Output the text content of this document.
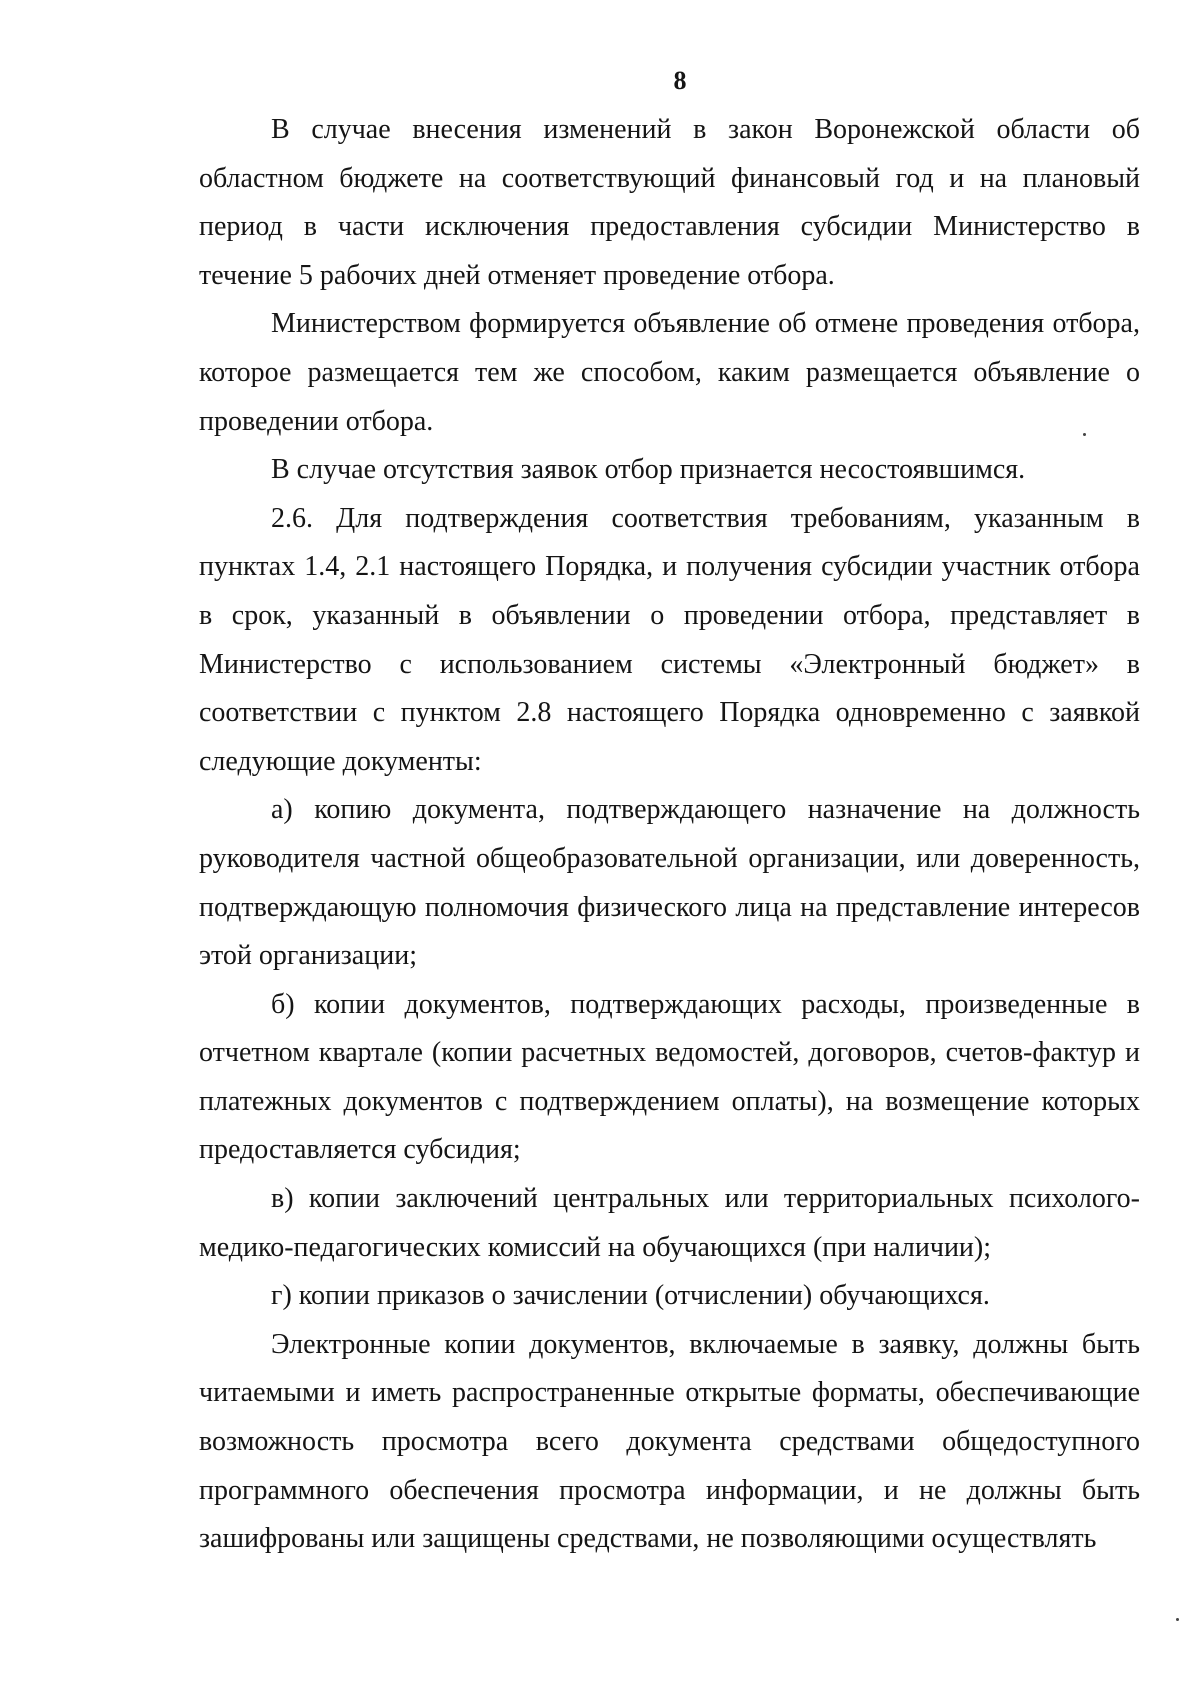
8

В случае внесения изменений в закон Воронежской области об областном бюджете на соответствующий финансовый год и на плановый период в части исключения предоставления субсидии Министерство в течение 5 рабочих дней отменяет проведение отбора.

Министерством формируется объявление об отмене проведения отбора, которое размещается тем же способом, каким размещается объявление о проведении отбора.

В случае отсутствия заявок отбор признается несостоявшимся.

2.6. Для подтверждения соответствия требованиям, указанным в пунктах 1.4, 2.1 настоящего Порядка, и получения субсидии участник отбора в срок, указанный в объявлении о проведении отбора, представляет в Министерство с использованием системы «Электронный бюджет» в соответствии с пунктом 2.8 настоящего Порядка одновременно с заявкой следующие документы:

а) копию документа, подтверждающего назначение на должность руководителя частной общеобразовательной организации, или доверенность, подтверждающую полномочия физического лица на представление интересов этой организации;

б) копии документов, подтверждающих расходы, произведенные в отчетном квартале (копии расчетных ведомостей, договоров, счетов-фактур и платежных документов с подтверждением оплаты), на возмещение которых предоставляется субсидия;

в) копии заключений центральных или территориальных психолого-медико-педагогических комиссий на обучающихся (при наличии);

г) копии приказов о зачислении (отчислении) обучающихся.

Электронные копии документов, включаемые в заявку, должны быть читаемыми и иметь распространенные открытые форматы, обеспечивающие возможность просмотра всего документа средствами общедоступного программного обеспечения просмотра информации, и не должны быть зашифрованы или защищены средствами, не позволяющими осуществлять
